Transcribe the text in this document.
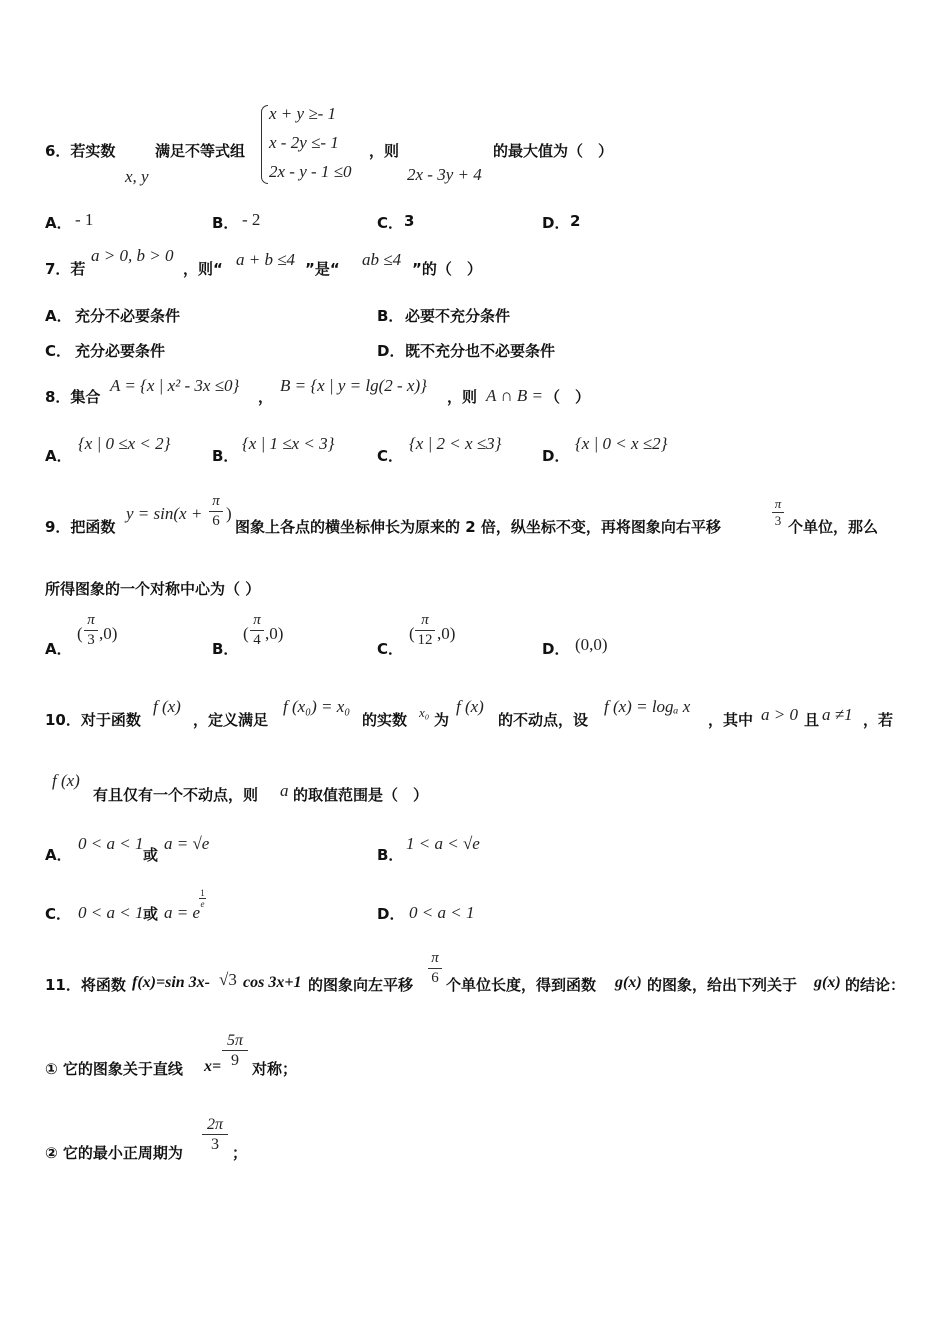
6．若实数
x, y
满足不等式组
x + y ≥- 1
x - 2y ≤- 1
2x - y - 1 ≤0
，则
2x - 3y + 4
的最大值为（　）
A． - 1	B． - 2	C． 3	D． 2
7．若
a > 0, b > 0
，则“ a + b ≤4 ”是“ ab ≤4 ”的（　）
A． 充分不必要条件	B． 必要不充分条件
C． 充分必要条件	D． 既不充分也不必要条件
8．集合
A = {x | x² - 3x ≤0}
，
B = {x | y = lg(2 - x)}
，则 A ∩ B = （　）
A．
{x | 0 ≤x < 2}
B．
{x | 1 ≤x < 3}
C．
{x | 2 < x ≤3}
D．
{x | 0 < x ≤2}
9．把函数
y = sin(x +
π
6 )
图象上各点的横坐标伸长为原来的 2 倍，纵坐标不变，再将图象向右平移
π
3 个单位，那么
所得图象的一个对称中心为（ ）
A．
(
π
3 ,0)
B．
(
π
4 ,0)
C．
(
π
12 ,0)
D． (0,0)
10．对于函数
f (x)
，定义满足
f (x₀) = x₀
的实数 x₀ 为
f (x)
的不动点，设
f (x) = logₐ x
，其中 a > 0 且 a ≠1 ，若
f (x)
有且仅有一个不动点，则 a 的取值范围是（　）
A．
0 < a < 1
或
a = √e
B．
1 < a < √e
C． 0 < a < 1 或 a = e
1
e
D． 0 < a < 1
11．将函数 f(x)=sin 3x- √3 cos 3x+1 的图象向左平移
π
6 个单位长度，得到函数 g(x) 的图象，给出下列关于 g(x) 的结论：
① 它的图象关于直线 x=
5π
9 对称；
② 它的最小正周期为
2π
3 ；
